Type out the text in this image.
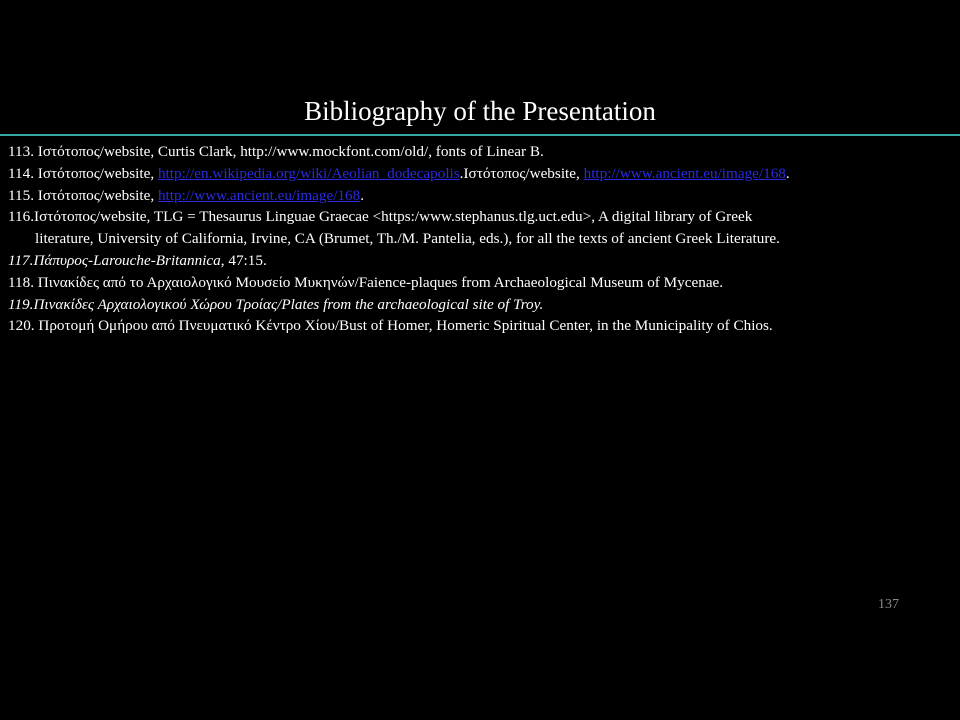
Bibliography of the Presentation
113. Ιστότοπος/website, Curtis Clark, http://www.mockfont.com/old/, fonts of Linear B.
114. Ιστότοπος/website, http://en.wikipedia.org/wiki/Aeolian_dodecapolis.Ιστότοπος/website, http://www.ancient.eu/image/168.
115. Ιστότοπος/website, http://www.ancient.eu/image/168.
116.Ιστότοπος/website, TLG = Thesaurus Linguae Graecae <https:/www.stephanus.tlg.uct.edu>, A digital library of Greek
literature, University of California, Irvine, CA (Brumet, Th./M. Pantelia, eds.), for all the texts of ancient Greek Literature.
117.Πάπυρος-Larouche-Britannica, 47:15.
118. Πινακίδες από το Αρχαιολογικό Μουσείο Μυκηνών/Faience-plaques from Archaeological Museum of Mycenae.
119.Πινακίδες Αρχαιολογικού Χώρου Τροίας/Plates from the archaeological site of Troy.
120. Προτομή Ομήρου από Πνευματικό Κέντρο Χίου/Bust of Homer, Homeric Spiritual Center, in the Municipality of Chios.
137
